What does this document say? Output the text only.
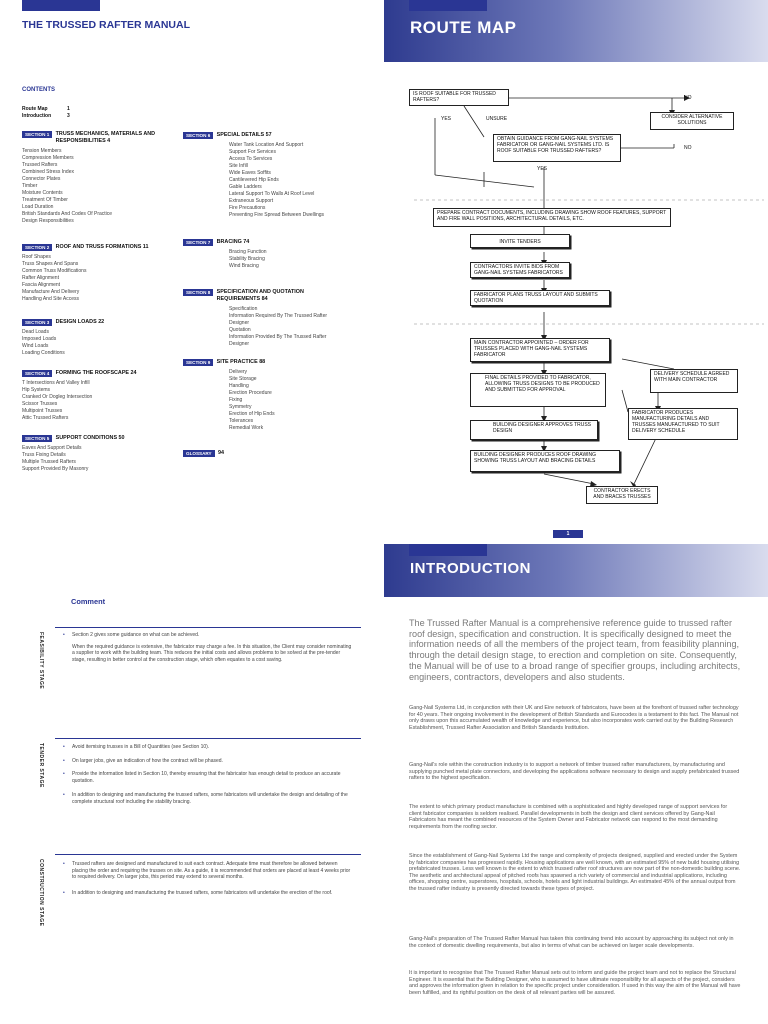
THE TRUSSED RAFTER MANUAL
CONTENTS
Route Map	1
Introduction	3
SECTION 1 TRUSS MECHANICS, MATERIALS AND RESPONSIBILITIES 4
Tension Members
Compression Members
Trussed Rafters
Combined Stress Index
Connector Plates
Timber
Moisture Contents
Treatment Of Timber
Load Duration
British Standards And Codes Of Practice
Design Responsibilities
SECTION 2 ROOF AND TRUSS FORMATIONS 11
Roof Shapes
Truss Shapes And Spans
Common Truss Modifications
Rafter Alignment
Fascia Alignment
Manufacture And Delivery
Handling And Site Access
SECTION 3 DESIGN LOADS 22
Dead Loads
Imposed Loads
Wind Loads
Loading Conditions
SECTION 4 FORMING THE ROOFSCAPE 24
T Intersections And Valley Infill
Hip Systems
Cranked Or Dogleg Intersection
Scissor Trusses
Multipoint Trusses
Attic Trussed Rafters
SECTION 5 SUPPORT CONDITIONS 50
Eaves And Support Details
Truss Fixing Details
Multiple Trussed Rafters
Support Provided By Masonry
SECTION 6 SPECIAL DETAILS 57
Water Tank Location And Support
Support For Services
Access To Services
Site Infill
Wide Eaves Soffits
Cantilevered Hip Ends
Gable Ladders
Lateral Support To Walls At Roof Level
Extraneous Support
Fire Precautions
Preventing Fire Spread Between Dwellings
SECTION 7 BRACING 74
Bracing Function
Stability Bracing
Wind Bracing
SECTION 8 SPECIFICATION AND QUOTATION REQUIREMENTS 84
Specification
Information Required By The Trussed Rafter Designer
Quotation
Information Provided By The Trussed Rafter Designer
SECTION 9 SITE PRACTICE 88
Delivery
Site Storage
Handling
Erection Procedure
Fixing
Symmetry
Erection of Hip Ends
Tolerances
Remedial Work
GLOSSARY 94
ROUTE MAP
IS ROOF SUITABLE FOR TRUSSED RAFTERS?
YES	UNSURE
NO
CONSIDER ALTERNATIVE SOLUTIONS
OBTAIN GUIDANCE FROM GANG-NAIL SYSTEMS FABRICATOR OR GANG-NAIL SYSTEMS LTD. IS ROOF SUITABLE FOR TRUSSED RAFTERS?	NO
YES
PREPARE CONTRACT DOCUMENTS, INCLUDING DRAWING SHOW ROOF FEATURES, SUPPORT AND FIRE WALL POSITIONS, ARCHITECTURAL DETAILS, ETC.
INVITE TENDERS
CONTRACTORS INVITE BIDS FROM GANG-NAIL SYSTEMS FABRICATORS
FABRICATOR PLANS TRUSS LAYOUT AND SUBMITS QUOTATION
MAIN CONTRACTOR APPOINTED – ORDER FOR TRUSSES PLACED WITH GANG-NAIL SYSTEMS FABRICATOR
FINAL DETAILS PROVIDED TO FABRICATOR, ALLOWING TRUSS DESIGNS TO BE PRODUCED AND SUBMITTED FOR APPROVAL
DELIVERY SCHEDULE AGREED WITH MAIN CONTRACTOR
BUILDING DESIGNER APPROVES TRUSS DESIGN
FABRICATOR PRODUCES MANUFACTURING DETAILS AND TRUSSES MANUFACTURED TO SUIT DELIVERY SCHEDULE
BUILDING DESIGNER PRODUCES ROOF DRAWING SHOWING TRUSS LAYOUT AND BRACING DETAILS
CONTRACTOR ERECTS AND BRACES TRUSSES
1
Comment
FEASIBILITY STAGE	• Section 2 gives some guidance on what can be achieved.

When the required guidance is extensive, the fabricator may charge a fee. In this situation, the Client may consider nominating a supplier to work with the building team. This reduces the initial costs and allows problems to be solved at the pre-tender stage, resulting in better control at the construction stage, which often equates to a cost saving.

TENDER STAGE	• Avoid itemising trusses in a Bill of Quantities (see Section 10).

• On larger jobs, give an indication of how the contract will be phased.

• Provide the information listed in Section 10, thereby ensuring that the fabricator has enough detail to produce an accurate quotation.

• In addition to designing and manufacturing the trussed rafters, some fabricators will undertake the design and detailing of the complete structural roof including the stability bracing.

CONSTRUCTION STAGE	• Trussed rafters are designed and manufactured to suit each contract. Adequate time must therefore be allowed between placing the order and requiring the trusses on site. As a guide, it is recommended that orders are placed at least 4 weeks prior to required delivery. On larger jobs, this period may extend to several months.

• In addition to designing and manufacturing the trussed rafters, some fabricators will undertake the erection of the roof.

INTRODUCTION
The Trussed Rafter Manual is a comprehensive reference guide to trussed rafter roof design, specification and construction. It is specifically designed to meet the information needs of all the members of the project team, from feasibility planning, through the detail design stage, to erection and completion on site. Consequently, the Manual will be of use to a broad range of specifier groups, including architects, engineers, contractors, developers and also students.
Gang-Nail Systems Ltd, in conjunction with their UK and Eire network of fabricators, have been at the forefront of trussed rafter technology for 40 years. Their ongoing involvement in the development of British Standards and Eurocodes is a testament to this fact. The Manual not only draws upon this accumulated wealth of knowledge and experience, but also incorporates work carried out by the Building Research Establishment, Trussed Rafter Association and British Standards Institution.
Gang-Nail's role within the construction industry is to support a network of timber trussed rafter manufacturers, by manufacturing and supplying punched metal plate connectors, and developing the applications software necessary to design and supply prefabricated trussed rafters to the highest specification.
The extent to which primary product manufacture is combined with a sophisticated and highly developed range of support services for client fabricator companies is seldom realised. Parallel developments in both the design and client services offered by Gang-Nail Fabricators has meant the combined resources of the System Owner and Fabricator network can respond to the most demanding requirements from the roofing sector.
Since the establishment of Gang-Nail Systems Ltd the range and complexity of projects designed, supplied and erected under the System by fabricator companies has progressed rapidly. Housing applications are well known, with an estimated 95% of new build housing utilising prefabricated trusses. Less well known is the extent to which trussed rafter roof structures are now part of the non-domestic building scene. The aesthetic and architectural appeal of pitched roofs has spawned a rich variety of commercial and industrial applications, including offices, shopping centre, superstores, hospitals, schools, hotels and light industrial buildings. An estimated 45% of the annual output from the trussed rafter industry is presently directed towards these types of project.
Gang-Nail's preparation of The Trussed Rafter Manual has taken this continuing trend into account by approaching its subject not only in the context of domestic dwelling requirements, but also in terms of what can be achieved on larger scale developments.
It is important to recognise that The Trussed Rafter Manual sets out to inform and guide the project team and not to replace the Structural Engineer. It is essential that the Building Designer, who is assumed to have ultimate responsibility for all aspects of the project, considers and approves the information given in relation to the specific project under consideration. If used in this way the aim of the Manual will have been fulfilled, and its rightful position on the desk of all relevant parties will be assured.
